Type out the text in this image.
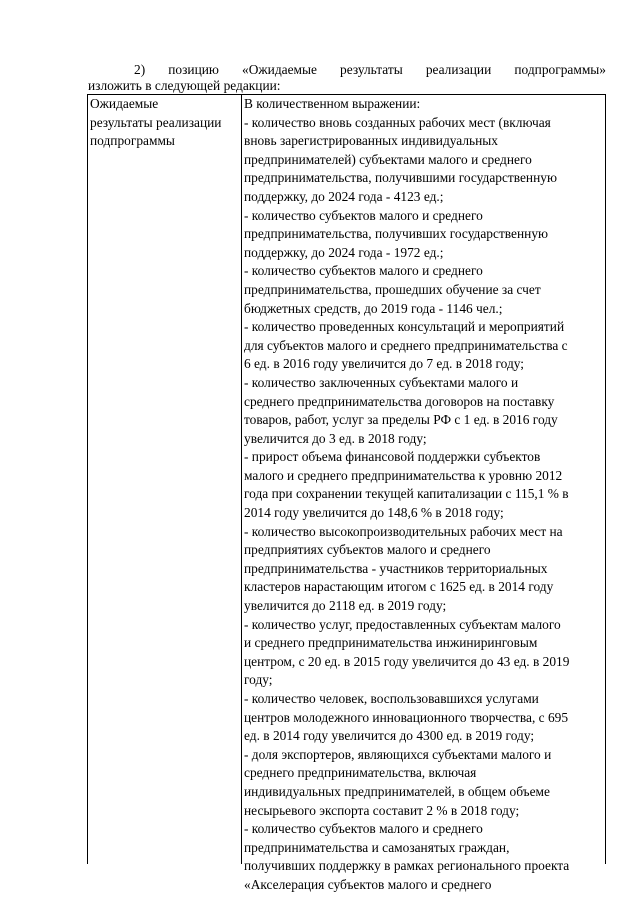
2) позицию «Ожидаемые результаты реализации подпрограммы»
изложить в следующей редакции:
Ожидаемые
результаты реализации
подпрограммы
В количественном выражении:
- количество вновь созданных рабочих мест (включая
вновь зарегистрированных индивидуальных
предпринимателей) субъектами малого и среднего
предпринимательства, получившими государственную
поддержку, до 2024 года - 4123 ед.;
- количество субъектов малого и среднего
предпринимательства, получивших государственную
поддержку, до 2024 года - 1972 ед.;
- количество субъектов малого и среднего
предпринимательства, прошедших обучение за счет
бюджетных средств, до 2019 года - 1146 чел.;
- количество проведенных консультаций и мероприятий
для субъектов малого и среднего предпринимательства с
6 ед. в 2016 году увеличится до 7 ед. в 2018 году;
- количество заключенных субъектами малого и
среднего предпринимательства договоров на поставку
товаров, работ, услуг за пределы РФ с 1 ед. в 2016 году
увеличится до 3 ед. в 2018 году;
- прирост объема финансовой поддержки субъектов
малого и среднего предпринимательства к уровню 2012
года при сохранении текущей капитализации с 115,1 % в
2014 году увеличится до 148,6 % в 2018 году;
- количество высокопроизводительных рабочих мест на
предприятиях субъектов малого и среднего
предпринимательства - участников территориальных
кластеров нарастающим итогом с 1625 ед. в 2014 году
увеличится до 2118 ед. в 2019 году;
- количество услуг, предоставленных субъектам малого
и среднего предпринимательства инжиниринговым
центром, с 20 ед. в 2015 году увеличится до 43 ед. в 2019
году;
- количество человек, воспользовавшихся услугами
центров молодежного инновационного творчества, с 695
ед. в 2014 году увеличится до 4300 ед. в 2019 году;
- доля экспортеров, являющихся субъектами малого и
среднего предпринимательства, включая
индивидуальных предпринимателей, в общем объеме
несырьевого экспорта составит 2 % в 2018 году;
- количество субъектов малого и среднего
предпринимательства и самозанятых граждан,
получивших поддержку в рамках регионального проекта
«Акселерация субъектов малого и среднего
